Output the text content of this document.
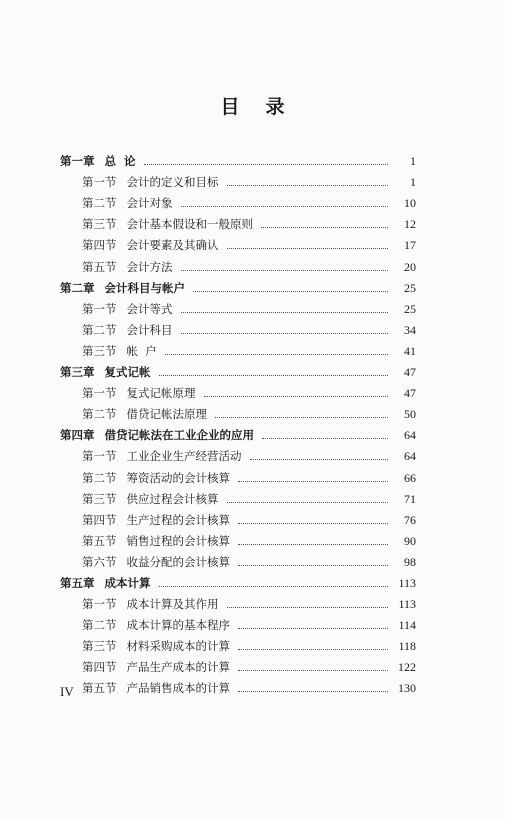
目录
第一章 总  论	1
第一节 会计的定义和目标	1
第二节 会计对象	10
第三节 会计基本假设和一般原则	12
第四节 会计要素及其确认	17
第五节 会计方法	20
第二章 会计科目与帐户	25
第一节 会计等式	25
第二节 会计科目	34
第三节 帐  户	41
第三章 复式记帐	47
第一节 复式记帐原理	47
第二节 借贷记帐法原理	50
第四章 借贷记帐法在工业企业的应用	64
第一节 工业企业生产经营活动	64
第二节 筹资活动的会计核算	66
第三节 供应过程会计核算	71
第四节 生产过程的会计核算	76
第五节 销售过程的会计核算	90
第六节 收益分配的会计核算	98
第五章 成本计算	113
第一节 成本计算及其作用	113
第二节 成本计算的基本程序	114
第三节 材料采购成本的计算	118
第四节 产品生产成本的计算	122
第五节 产品销售成本的计算	130
IV
